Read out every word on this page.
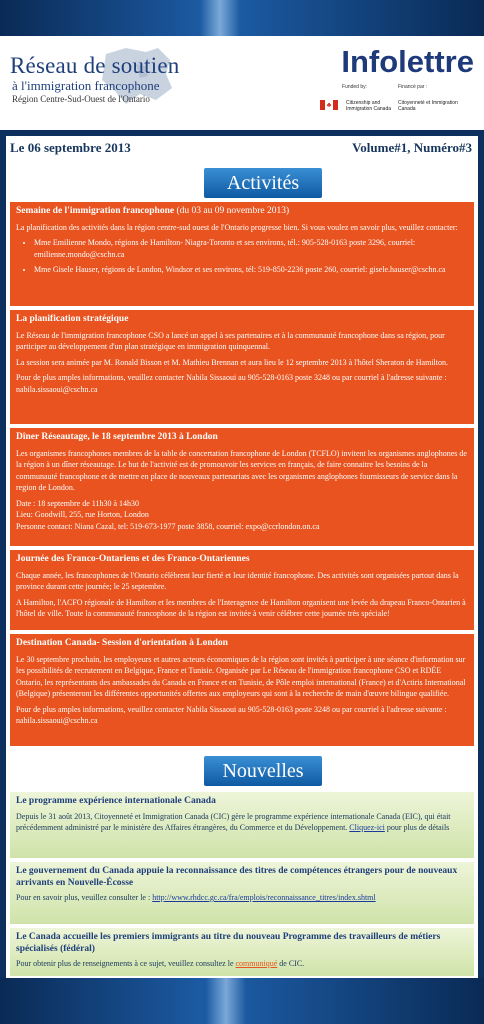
Réseau de soutien
à l'immigration francophone
Région Centre-Sud-Ouest de l'Ontario
Infolettre
Funded by:	Financé par :
♣	Citizenship and Immigration Canada
Citoyenneté et Immigration Canada
Le 06 septembre 2013	Volume#1, Numéro#3
Activités
Semaine de l'immigration francophone (du 03 au 09 novembre 2013)

La planification des activités dans la région centre-sud ouest de l'Ontario progresse bien. Si vous voulez en savoir plus, veuillez contacter:

• Mme Emilienne Mondo, régions de Hamilton- Niagra-Toronto et ses environs, tél.: 905-528-0163 poste 3296, courriel: emilienne.mondo@cschn.ca
• Mme Gisele Hauser, régions de London, Windsor et ses environs, tél: 519-850-2236 poste 260, courriel: gisele.hauser@cschn.ca
La planification stratégique

Le Réseau de l'immigration francophone CSO a lancé un appel à ses partenaires et à la communauté francophone dans sa région, pour participer au développement d'un plan stratégique en immigration quinquennal.

La session sera animée par M. Ronald Bisson et M. Mathieu Brennan et aura lieu le 12 septembre 2013 à l'hôtel Sheraton de Hamilton.

Pour de plus amples informations, veuillez contacter Nabila Sissaoui au 905-528-0163 poste 3248 ou par courriel à l'adresse suivante : nabila.sissaoui@cschn.ca

Dîner Réseautage, le 18 septembre 2013 à London

Les organismes francophones membres de la table de concertation francophone de London (TCFLO) invitent les organismes anglophones de la région à un dîner réseautage. Le but de l'activité est de promouvoir les services en français, de faire connaitre les besoins de la communauté francophone et de mettre en place de nouveaux partenariats avec les organismes anglophones fournisseurs de service dans la region de London.

Date : 18 septembre de 11h30 à 14h30
Lieu: Goodwill, 255, rue Horton, London
Personne contact: Niana Cazal, tel: 519-673-1977 poste 3858, courriel: expo@ccrlondon.on.ca
Journée des Franco-Ontariens et des Franco-Ontariennes

Chaque année, les francophones de l'Ontario célèbrent leur fierté et leur identité francophone. Des activités sont organisées partout dans la province durant cette journée; le 25 septembre.

A Hamilton, l'ACFO régionale de Hamilton et les membres de l'Interagence de Hamilton organisent une levée du drapeau Franco-Ontarien à l'hôtel de ville. Toute la communauté francophone de la région est invitée à venir célébrer cette journée très spéciale!

Destination Canada- Session d'orientation à London

Le 30 septembre prochain, les employeurs et autres acteurs économiques de la région sont invités à participer à une séance d'information sur les possibilités de recrutement en Belgique, France et Tunisie. Organisée par Le Réseau de l'immigration francophone CSO et RDÉE Ontario, les représentants des ambassades du Canada en France et en Tunisie, de Pôle emploi international (France) et d'Actiris International (Belgique) présenteront les différentes opportunités offertes aux employeurs qui sont à la recherche de main d'œuvre bilingue qualifiée.

Pour de plus amples informations, veuillez contacter Nabila Sissaoui au 905-528-0163 poste 3248 ou par courriel à l'adresse suivante : nabila.sissaoui@cschn.ca

Nouvelles
Le programme expérience internationale Canada

Depuis le 31 août 2013, Citoyenneté et Immigration Canada (CIC) gère le programme expérience internationale Canada (EIC), qui était précédemment administré par le ministère des Affaires étrangères, du Commerce et du Développement. Cliquez-ici pour plus de détails

Le gouvernement du Canada appuie la reconnaissance des titres de compétences étrangers pour de nouveaux arrivants en Nouvelle-Écosse

Pour en savoir plus, veuillez consulter le : http://www.rhdcc.gc.ca/fra/emplois/reconnaissance_titres/index.shtml

Le Canada accueille les premiers immigrants au titre du nouveau Programme des travailleurs de métiers spécialisés (fédéral)

Pour obtenir plus de renseignements à ce sujet, veuillez consultez le communiqué de CIC.
